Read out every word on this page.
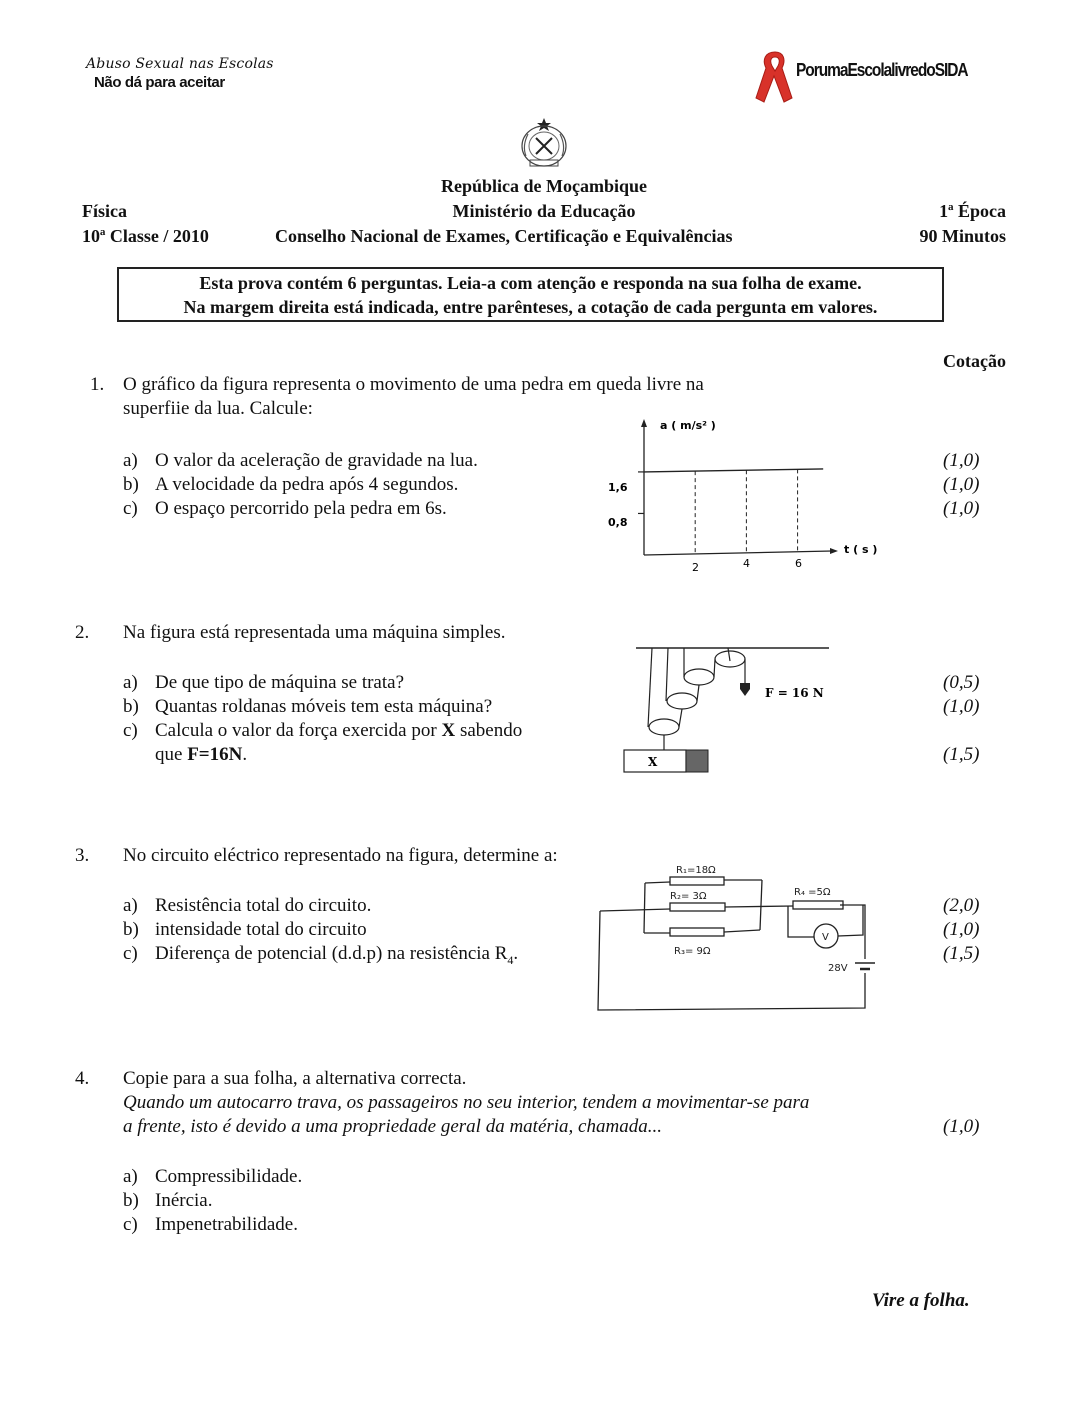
Abuso Sexual nas Escolas
Não dá para aceitar
PorumaEscolalivredoSIDA
República de Moçambique
Física	Ministério da Educação	1ª Época
10ª Classe / 2010	Conselho Nacional de Exames, Certificação e Equivalências	90 Minutos
Esta prova contém 6 perguntas. Leia-a com atenção e responda na sua folha de exame.
Na margem direita está indicada, entre parênteses, a cotação de cada pergunta em valores.
Cotação
1. O gráfico da figura representa o movimento de uma pedra em queda livre na
superfiie da lua. Calcule:
a) O valor da aceleração de gravidade na lua.	(1,0)
b) A velocidade da pedra após 4 segundos.	(1,0)
c) O espaço percorrido pela pedra em 6s.	(1,0)
a ( m/s² )
t ( s )
1,6
0,8
2	4	6
2. Na figura está representada uma máquina simples.
a) De que tipo de máquina se trata?	(0,5)
b) Quantas roldanas móveis tem esta máquina?	(1,0)
c) Calcula o valor da força exercida por X sabendo
que F=16N.	(1,5)
F = 16 N
X
3. No circuito eléctrico representado na figura, determine a:
a) Resistência total do circuito.	(2,0)
b) intensidade total do circuito	(1,0)
c) Diferença de potencial (d.d.p) na resistência $R_4$.	(1,5)
R₁=18Ω
R₂= 3Ω
R₃= 9Ω
R₄ =5Ω
V
28V
4. Copie para a sua folha, a alternativa correcta.
Quando um autocarro trava, os passageiros no seu interior, tendem a movimentar-se para
a frente, isto é devido a uma propriedade geral da matéria, chamada...	(1,0)
a) Compressibilidade.
b) Inércia.
c) Impenetrabilidade.
Vire a folha.
